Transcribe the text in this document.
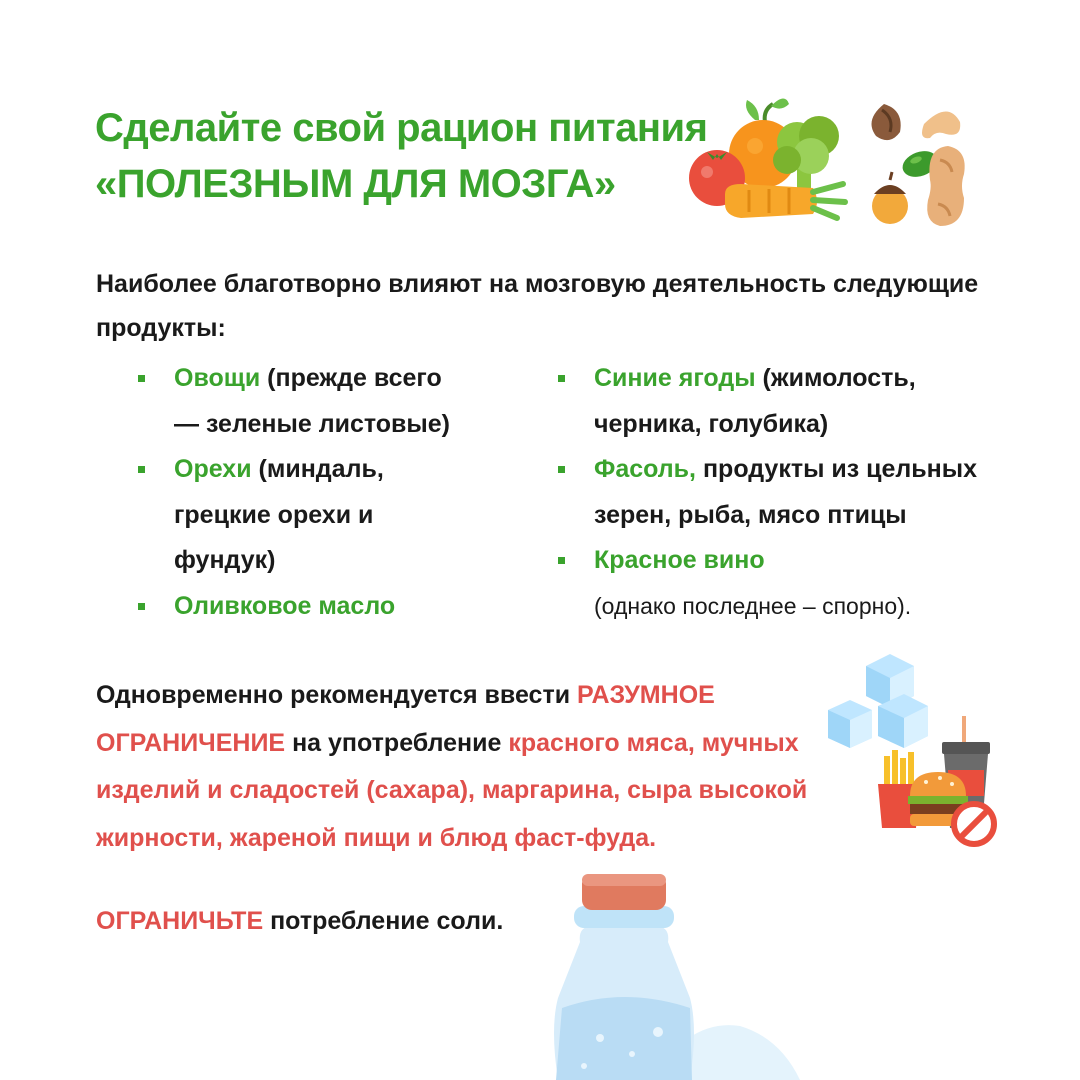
Сделайте свой рацион питания
«ПОЛЕЗНЫМ ДЛЯ МОЗГА»
Наиболее благотворно влияют на мозговую деятельность следующие продукты:
Овощи (прежде всего — зеленые листовые)
Орехи (миндаль, грецкие орехи и фундук)
Оливковое масло
Синие ягоды (жимолость, черника, голубика)
Фасоль, продукты из цельных зерен, рыба, мясо птицы
Красное вино
(однако последнее – спорно).
Одновременно рекомендуется ввести РАЗУМНОЕ ОГРАНИЧЕНИЕ на употребление красного мяса, мучных изделий и сладостей (сахара), маргарина, сыра высокой жирности, жареной пищи и блюд фаст-фуда.
ОГРАНИЧЬТЕ потребление соли.
